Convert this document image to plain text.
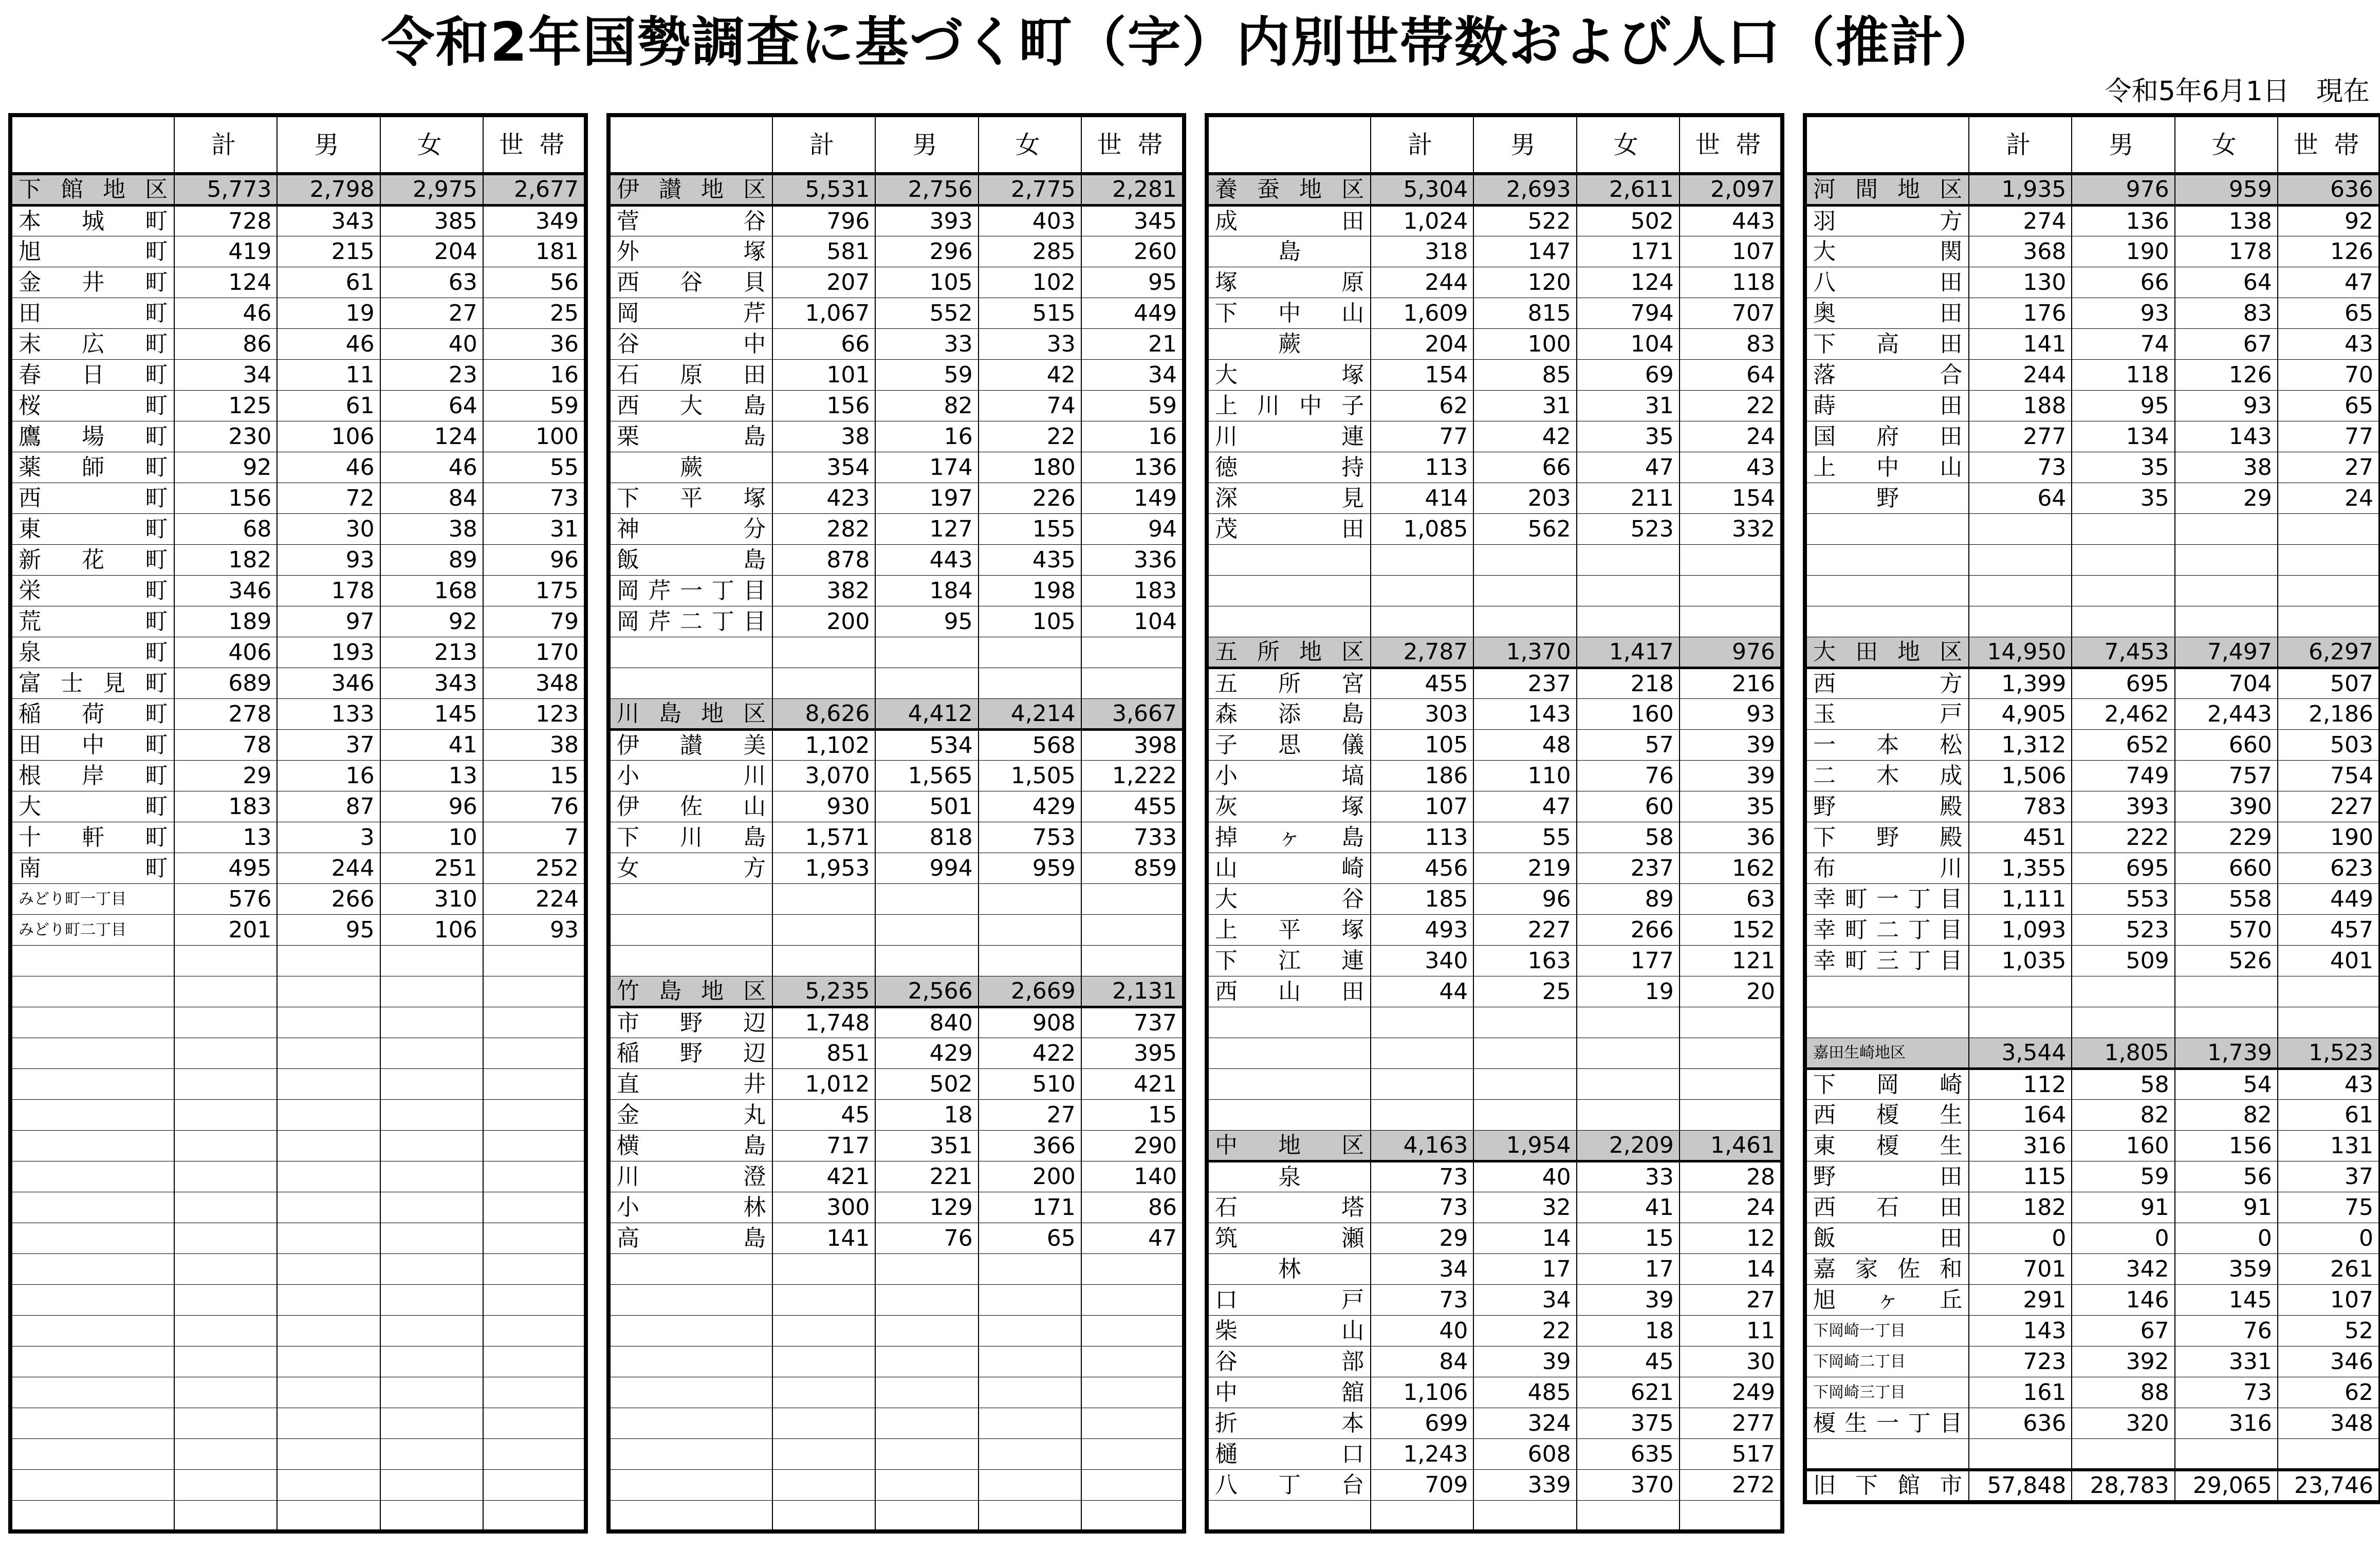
令和2年国勢調査に基づく町（字）内別世帯数および人口（推計）
令和5年6月1日　現在
	計	男	女	世 帯
下館地区	5,773	2,798	2,975	2,677
本城町	728	343	385	349
旭町	419	215	204	181
金井町	124	61	63	56
田町	46	19	27	25
末広町	86	46	40	36
春日町	34	11	23	16
桜町	125	61	64	59
鷹場町	230	106	124	100
薬師町	92	46	46	55
西町	156	72	84	73
東町	68	30	38	31
新花町	182	93	89	96
栄町	346	178	168	175
荒町	189	97	92	79
泉町	406	193	213	170
富士見町	689	346	343	348
稲荷町	278	133	145	123
田中町	78	37	41	38
根岸町	29	16	13	15
大町	183	87	96	76
十軒町	13	3	10	7
南町	495	244	251	252
みどり町一丁目	576	266	310	224
みどり町二丁目	201	95	106	93

	計	男	女	世 帯
伊讃地区	5,531	2,756	2,775	2,281
菅谷	796	393	403	345
外塚	581	296	285	260
西谷貝	207	105	102	95
岡芹	1,067	552	515	449
谷中	66	33	33	21
石原田	101	59	42	34
西大島	156	82	74	59
栗島	38	16	22	16
蕨	354	174	180	136
下平塚	423	197	226	149
神分	282	127	155	94
飯島	878	443	435	336
岡芹一丁目	382	184	198	183
岡芹二丁目	200	95	105	104

川島地区	8,626	4,412	4,214	3,667
伊讃美	1,102	534	568	398
小川	3,070	1,565	1,505	1,222
伊佐山	930	501	429	455
下川島	1,571	818	753	733
女方	1,953	994	959	859

竹島地区	5,235	2,566	2,669	2,131
市野辺	1,748	840	908	737
稲野辺	851	429	422	395
直井	1,012	502	510	421
金丸	45	18	27	15
横島	717	351	366	290
川澄	421	221	200	140
小林	300	129	171	86
高島	141	76	65	47

	計	男	女	世 帯
養蚕地区	5,304	2,693	2,611	2,097
成田	1,024	522	502	443
島	318	147	171	107
塚原	244	120	124	118
下中山	1,609	815	794	707
蕨	204	100	104	83
大塚	154	85	69	64
上川中子	62	31	31	22
川連	77	42	35	24
徳持	113	66	47	43
深見	414	203	211	154
茂田	1,085	562	523	332

五所地区	2,787	1,370	1,417	976
五所宮	455	237	218	216
森添島	303	143	160	93
子思儀	105	48	57	39
小塙	186	110	76	39
灰塚	107	47	60	35
掉ヶ島	113	55	58	36
山崎	456	219	237	162
大谷	185	96	89	63
上平塚	493	227	266	152
下江連	340	163	177	121
西山田	44	25	19	20

中地区	4,163	1,954	2,209	1,461
泉	73	40	33	28
石塔	73	32	41	24
筑瀬	29	14	15	12
林	34	17	17	14
口戸	73	34	39	27
柴山	40	22	18	11
谷部	84	39	45	30
中舘	1,106	485	621	249
折本	699	324	375	277
樋口	1,243	608	635	517
八丁台	709	339	370	272

	計	男	女	世 帯
河間地区	1,935	976	959	636
羽方	274	136	138	92
大関	368	190	178	126
八田	130	66	64	47
奥田	176	93	83	65
下高田	141	74	67	43
落合	244	118	126	70
蒔田	188	95	93	65
国府田	277	134	143	77
上中山	73	35	38	27
野	64	35	29	24

大田地区	14,950	7,453	7,497	6,297
西方	1,399	695	704	507
玉戸	4,905	2,462	2,443	2,186
一本松	1,312	652	660	503
二木成	1,506	749	757	754
野殿	783	393	390	227
下野殿	451	222	229	190
布川	1,355	695	660	623
幸町一丁目	1,111	553	558	449
幸町二丁目	1,093	523	570	457
幸町三丁目	1,035	509	526	401

嘉田生崎地区	3,544	1,805	1,739	1,523
下岡崎	112	58	54	43
西榎生	164	82	82	61
東榎生	316	160	156	131
野田	115	59	56	37
西石田	182	91	91	75
飯田	0	0	0	0
嘉家佐和	701	342	359	261
旭ヶ丘	291	146	145	107
下岡崎一丁目	143	67	76	52
下岡崎二丁目	723	392	331	346
下岡崎三丁目	161	88	73	62
榎生一丁目	636	320	316	348

旧下館市	57,848	28,783	29,065	23,746
